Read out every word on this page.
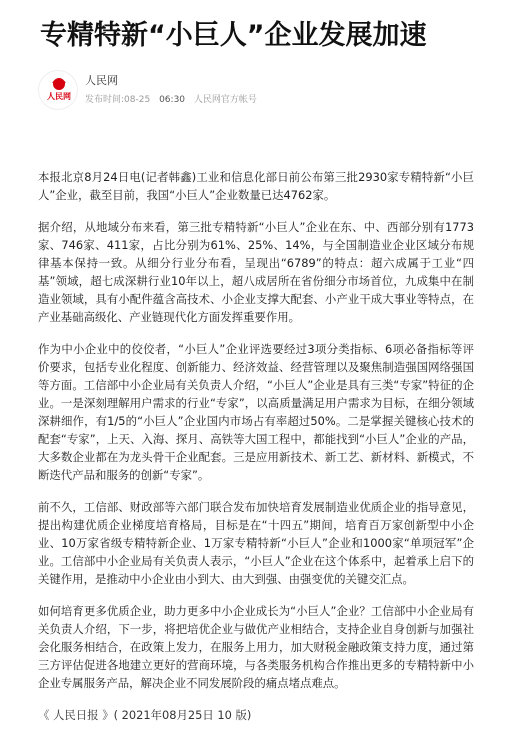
专精特新“小巨人”企业发展加速
人民网
人民网
发布时间:08-25 06:30 人民网官方帐号

本报北京8月24日电(记者韩鑫)工业和信息化部日前公布第三批2930家专精特新“小巨人”企业，截至目前，我国“小巨人”企业数量已达4762家。

据介绍，从地域分布来看，第三批专精特新“小巨人”企业在东、中、西部分别有1773家、746家、411家，占比分别为61%、25%、14%，与全国制造业企业区域分布规律基本保持一致。从细分行业分布看，呈现出“6789”的特点：超六成属于工业“四基”领域，超七成深耕行业10年以上，超八成居所在省份细分市场首位，九成集中在制造业领域，具有小配件蕴含高技术、小企业支撑大配套、小产业干成大事业等特点，在产业基础高级化、产业链现代化方面发挥重要作用。

作为中小企业中的佼佼者，“小巨人”企业评选要经过3项分类指标、6项必备指标等评价要求，包括专业化程度、创新能力、经济效益、经营管理以及聚焦制造强国网络强国等方面。工信部中小企业局有关负责人介绍，“小巨人”企业是具有三类“专家”特征的企业。一是深刻理解用户需求的行业“专家”，以高质量满足用户需求为目标，在细分领域深耕细作，有1/5的“小巨人”企业国内市场占有率超过50%。二是掌握关键核心技术的配套“专家”，上天、入海、探月、高铁等大国工程中，都能找到“小巨人”企业的产品，大多数企业都在为龙头骨干企业配套。三是应用新技术、新工艺、新材料、新模式，不断迭代产品和服务的创新“专家”。

前不久，工信部、财政部等六部门联合发布加快培育发展制造业优质企业的指导意见，提出构建优质企业梯度培育格局，目标是在“十四五”期间，培育百万家创新型中小企业、10万家省级专精特新企业、1万家专精特新“小巨人”企业和1000家“单项冠军”企业。工信部中小企业局有关负责人表示，“小巨人”企业在这个体系中，起着承上启下的关键作用，是推动中小企业由小到大、由大到强、由强变优的关键交汇点。

如何培育更多优质企业，助力更多中小企业成长为“小巨人”企业？工信部中小企业局有关负责人介绍，下一步，将把培优企业与做优产业相结合，支持企业自身创新与加强社会化服务相结合，在政策上发力，在服务上用力，加大财税金融政策支持力度，通过第三方评估促进各地建立更好的营商环境，与各类服务机构合作推出更多的专精特新中小企业专属服务产品，解决企业不同发展阶段的痛点堵点难点。

《 人民日报 》( 2021年08月25日 10 版)
